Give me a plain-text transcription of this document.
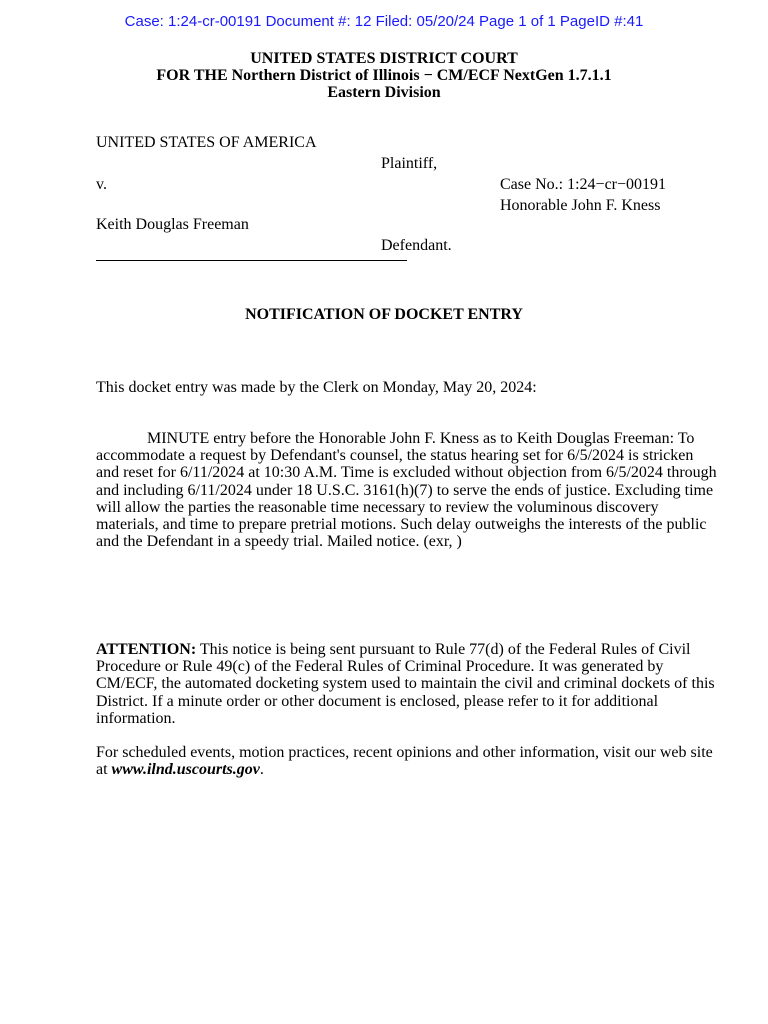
Case: 1:24-cr-00191 Document #: 12 Filed: 05/20/24 Page 1 of 1 PageID #:41
UNITED STATES DISTRICT COURT
FOR THE Northern District of Illinois − CM/ECF NextGen 1.7.1.1
Eastern Division
UNITED STATES OF AMERICA
Plaintiff,
v.	Case No.: 1:24−cr−00191
Honorable John F. Kness
Keith Douglas Freeman
Defendant.
NOTIFICATION OF DOCKET ENTRY
This docket entry was made by the Clerk on Monday, May 20, 2024:
MINUTE entry before the Honorable John F. Kness as to Keith Douglas Freeman: To accommodate a request by Defendant's counsel, the status hearing set for 6/5/2024 is stricken and reset for 6/11/2024 at 10:30 A.M. Time is excluded without objection from 6/5/2024 through and including 6/11/2024 under 18 U.S.C. 3161(h)(7) to serve the ends of justice. Excluding time will allow the parties the reasonable time necessary to review the voluminous discovery materials, and time to prepare pretrial motions. Such delay outweighs the interests of the public and the Defendant in a speedy trial. Mailed notice. (exr, )
ATTENTION: This notice is being sent pursuant to Rule 77(d) of the Federal Rules of Civil Procedure or Rule 49(c) of the Federal Rules of Criminal Procedure. It was generated by CM/ECF, the automated docketing system used to maintain the civil and criminal dockets of this District. If a minute order or other document is enclosed, please refer to it for additional information.
For scheduled events, motion practices, recent opinions and other information, visit our web site at www.ilnd.uscourts.gov.
